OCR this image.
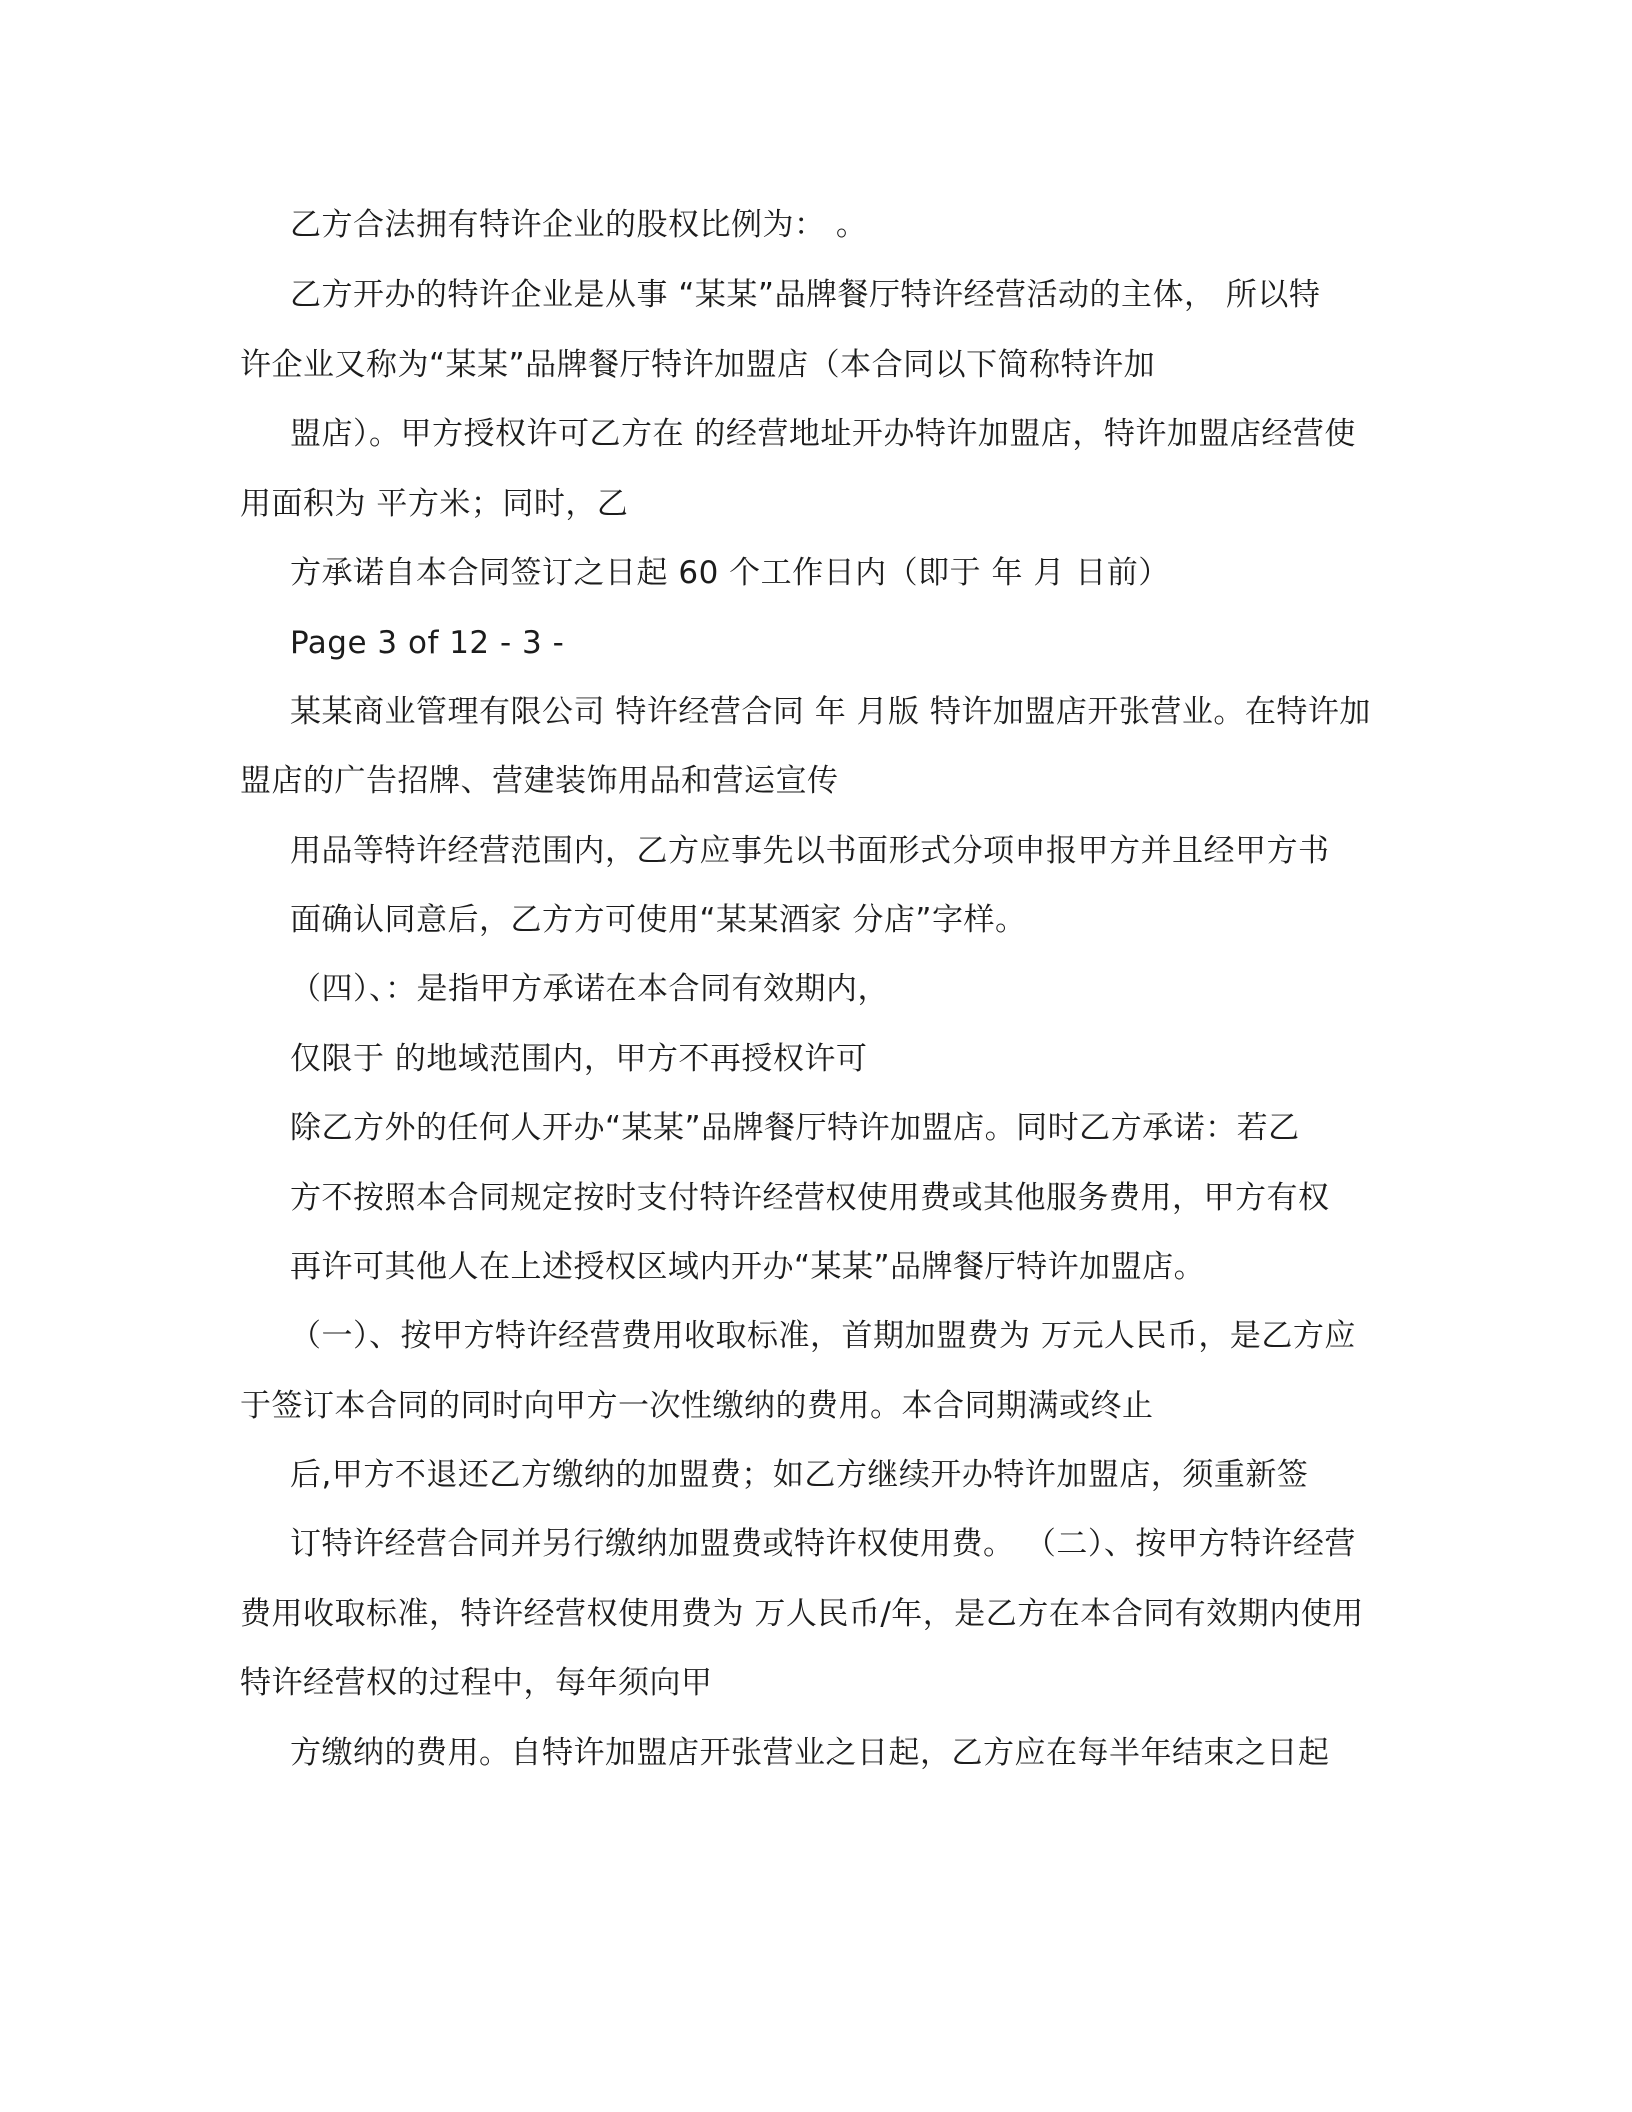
乙方合法拥有特许企业的股权比例为： 。
乙方开办的特许企业是从事 “某某”品牌餐厅特许经营活动的主体， 所以特
许企业又称为“某某”品牌餐厅特许加盟店（本合同以下简称特许加
盟店）。甲方授权许可乙方在 的经营地址开办特许加盟店，特许加盟店经营使
用面积为 平方米；同时，乙
方承诺自本合同签订之日起 60 个工作日内（即于 年 月 日前）
Page 3 of 12 - 3 -
某某商业管理有限公司 特许经营合同 年 月版 特许加盟店开张营业。在特许加
盟店的广告招牌、营建装饰用品和营运宣传
用品等特许经营范围内，乙方应事先以书面形式分项申报甲方并且经甲方书
面确认同意后，乙方方可使用“某某酒家 分店”字样。
（四）、：是指甲方承诺在本合同有效期内，
仅限于 的地域范围内，甲方不再授权许可
除乙方外的任何人开办“某某”品牌餐厅特许加盟店。同时乙方承诺：若乙
方不按照本合同规定按时支付特许经营权使用费或其他服务费用，甲方有权
再许可其他人在上述授权区域内开办“某某”品牌餐厅特许加盟店。
（一）、按甲方特许经营费用收取标准，首期加盟费为 万元人民币，是乙方应
于签订本合同的同时向甲方一次性缴纳的费用。本合同期满或终止
后,甲方不退还乙方缴纳的加盟费；如乙方继续开办特许加盟店，须重新签
订特许经营合同并另行缴纳加盟费或特许权使用费。 （二）、按甲方特许经营
费用收取标准，特许经营权使用费为 万人民币/年，是乙方在本合同有效期内使用
特许经营权的过程中，每年须向甲
方缴纳的费用。自特许加盟店开张营业之日起，乙方应在每半年结束之日起
